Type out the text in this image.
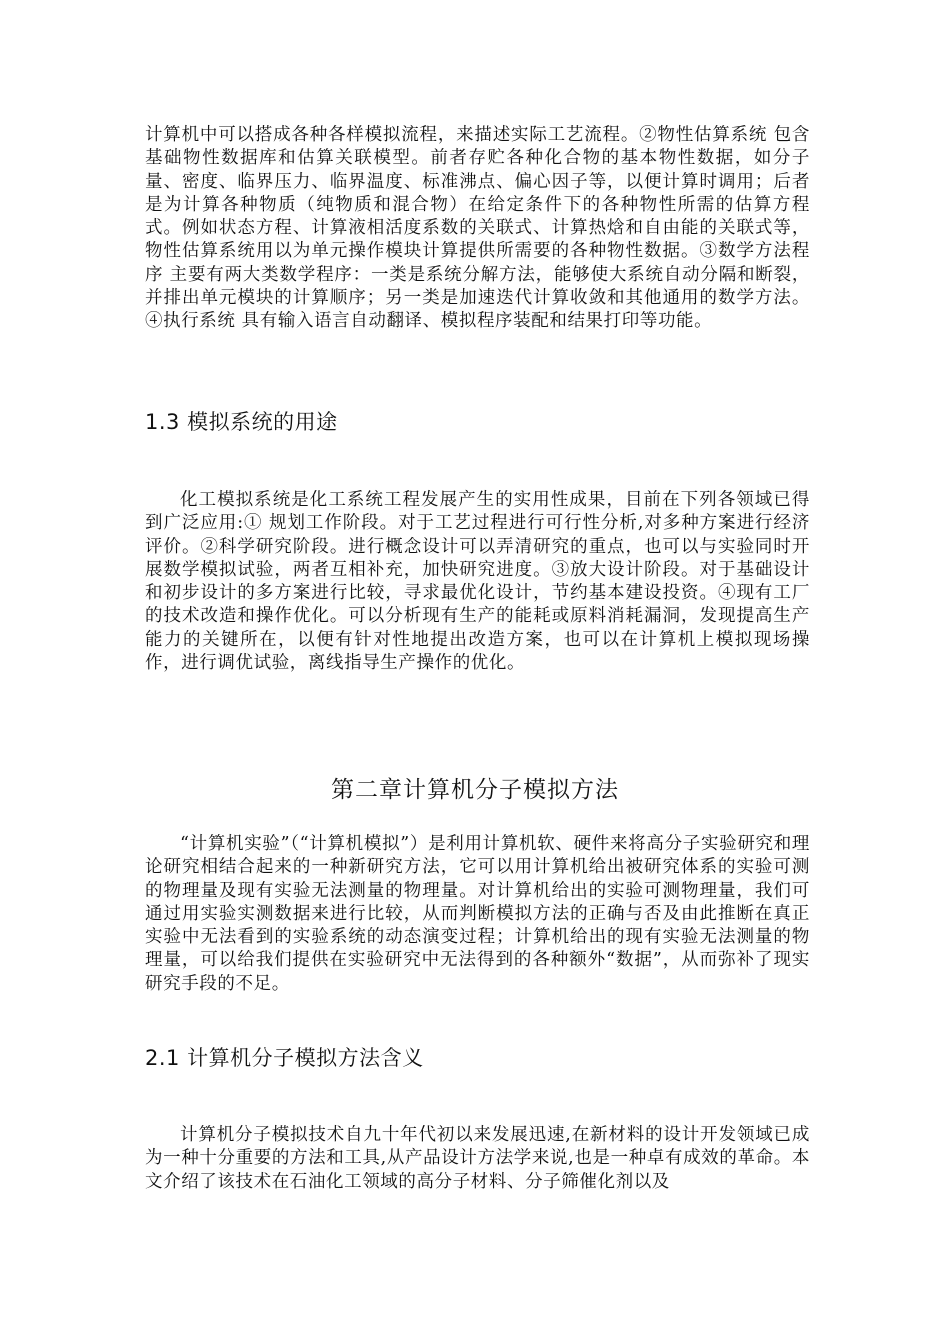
计算机中可以搭成各种各样模拟流程，来描述实际工艺流程。②物性估算系统 包含基础物性数据库和估算关联模型。前者存贮各种化合物的基本物性数据，如分子量、密度、临界压力、临界温度、标准沸点、偏心因子等，以便计算时调用；后者是为计算各种物质（纯物质和混合物）在给定条件下的各种物性所需的估算方程式。例如状态方程、计算液相活度系数的关联式、计算热焓和自由能的关联式等，物性估算系统用以为单元操作模块计算提供所需要的各种物性数据。③数学方法程序 主要有两大类数学程序：一类是系统分解方法，能够使大系统自动分隔和断裂，并排出单元模块的计算顺序；另一类是加速迭代计算收敛和其他通用的数学方法。④执行系统 具有输入语言自动翻译、模拟程序装配和结果打印等功能。

1.3 模拟系统的用途

化工模拟系统是化工系统工程发展产生的实用性成果，目前在下列各领域已得到广泛应用:① 规划工作阶段。对于工艺过程进行可行性分析,对多种方案进行经济评价。②科学研究阶段。进行概念设计可以弄清研究的重点，也可以与实验同时开展数学模拟试验，两者互相补充，加快研究进度。③放大设计阶段。对于基础设计和初步设计的多方案进行比较，寻求最优化设计，节约基本建设投资。④现有工厂的技术改造和操作优化。可以分析现有生产的能耗或原料消耗漏洞，发现提高生产能力的关键所在，以便有针对性地提出改造方案，也可以在计算机上模拟现场操作，进行调优试验，离线指导生产操作的优化。

第二章计算机分子模拟方法

“计算机实验”（“计算机模拟”）是利用计算机软、硬件来将高分子实验研究和理论研究相结合起来的一种新研究方法，它可以用计算机给出被研究体系的实验可测的物理量及现有实验无法测量的物理量。对计算机给出的实验可测物理量，我们可通过用实验实测数据来进行比较，从而判断模拟方法的正确与否及由此推断在真正实验中无法看到的实验系统的动态演变过程；计算机给出的现有实验无法测量的物理量，可以给我们提供在实验研究中无法得到的各种额外“数据”，从而弥补了现实研究手段的不足。

2.1 计算机分子模拟方法含义

计算机分子模拟技术自九十年代初以来发展迅速,在新材料的设计开发领域已成为一种十分重要的方法和工具,从产品设计方法学来说,也是一种卓有成效的革命。本文介绍了该技术在石油化工领域的高分子材料、分子筛催化剂以及
